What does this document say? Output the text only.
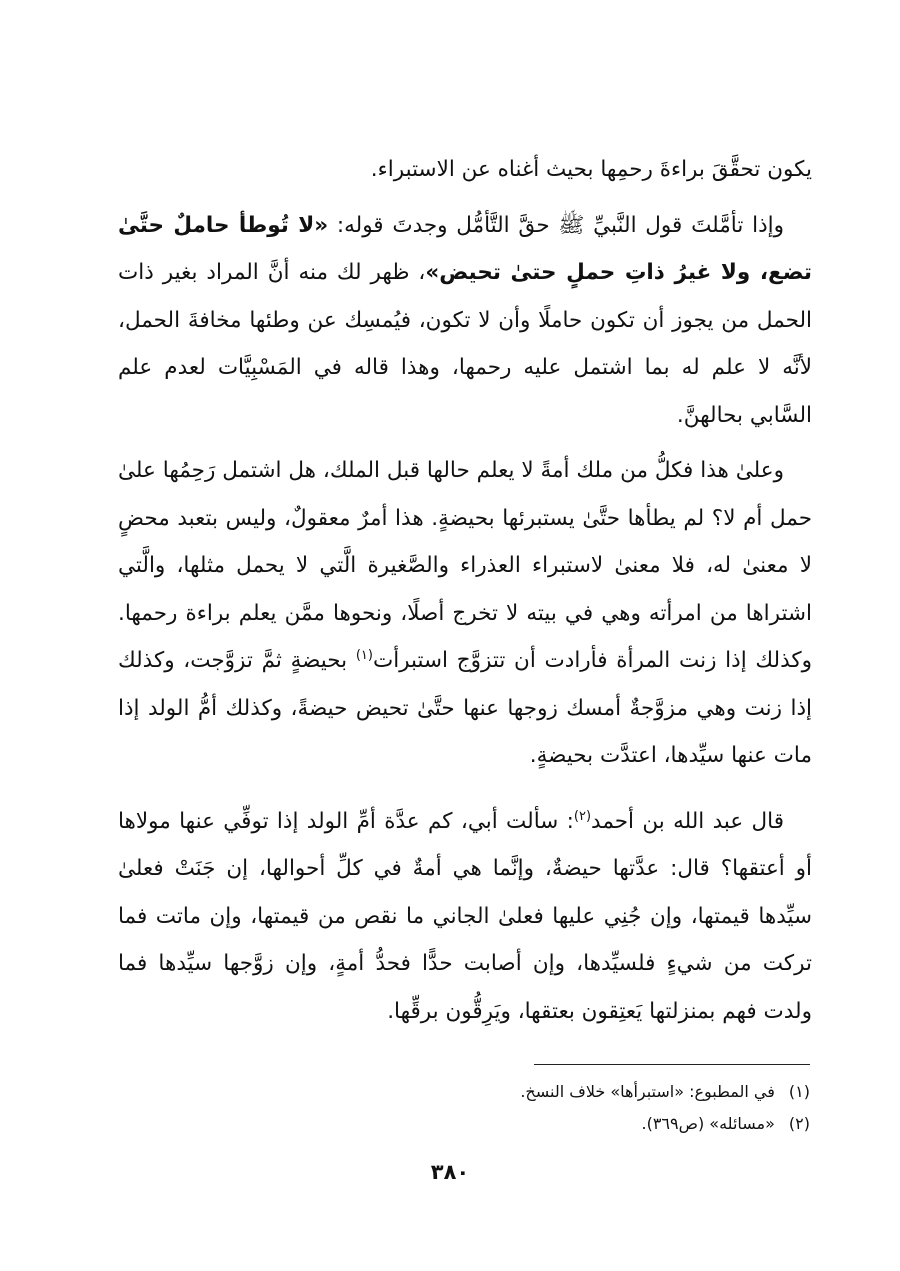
يكون تحقَّقَ براءةَ رحمِها بحيث أغناه عن الاستبراء.

وإذا تأمَّلتَ قول النَّبيِّ ﷺ حقَّ التَّأمُّل وجدتَ قوله: «لا تُوطأ حاملٌ حتَّىٰ تضع، ولا غيرُ ذاتِ حملٍ حتىٰ تحيض»، ظهر لك منه أنَّ المراد بغير ذات الحمل من يجوز أن تكون حاملًا وأن لا تكون، فيُمسِك عن وطئها مخافةَ الحمل، لأنَّه لا علم له بما اشتمل عليه رحمها، وهذا قاله في المَسْبِيَّات لعدم علم السَّابي بحالهنَّ.

وعلىٰ هذا فكلُّ من ملك أمةً لا يعلم حالها قبل الملك، هل اشتمل رَحِمُها علىٰ حمل أم لا؟ لم يطأها حتَّىٰ يستبرئها بحيضةٍ. هذا أمرٌ معقولٌ، وليس بتعبد محضٍ لا معنىٰ له، فلا معنىٰ لاستبراء العذراء والصَّغيرة الَّتي لا يحمل مثلها، والَّتي اشتراها من امرأته وهي في بيته لا تخرج أصلًا، ونحوها ممَّن يعلم براءة رحمها. وكذلك إذا زنت المرأة فأرادت أن تتزوَّج استبرأت$^{(١)}$ بحيضةٍ ثمَّ تزوَّجت، وكذلك إذا زنت وهي مزوَّجةٌ أمسك زوجها عنها حتَّىٰ تحيض حيضةً، وكذلك أمُّ الولد إذا مات عنها سيِّدها، اعتدَّت بحيضةٍ.

قال عبد الله بن أحمد$^{(٢)}$: سألت أبي، كم عدَّة أمِّ الولد إذا توفِّي عنها مولاها أو أعتقها؟ قال: عدَّتها حيضةٌ، وإنَّما هي أمةٌ في كلِّ أحوالها، إن جَنَتْ فعلىٰ سيِّدها قيمتها، وإن جُنِي عليها فعلىٰ الجاني ما نقص من قيمتها، وإن ماتت فما تركت من شيءٍ فلسيِّدها، وإن أصابت حدًّا فحدُّ أمةٍ، وإن زوَّجها سيِّدها فما ولدت فهم بمنزلتها يَعتِقون بعتقها، ويَرِقُّون برقِّها.

(١)في المطبوع: «استبرأها» خلاف النسخ.

(٢)«مسائله» (ص٣٦٩).

٣٨٠
